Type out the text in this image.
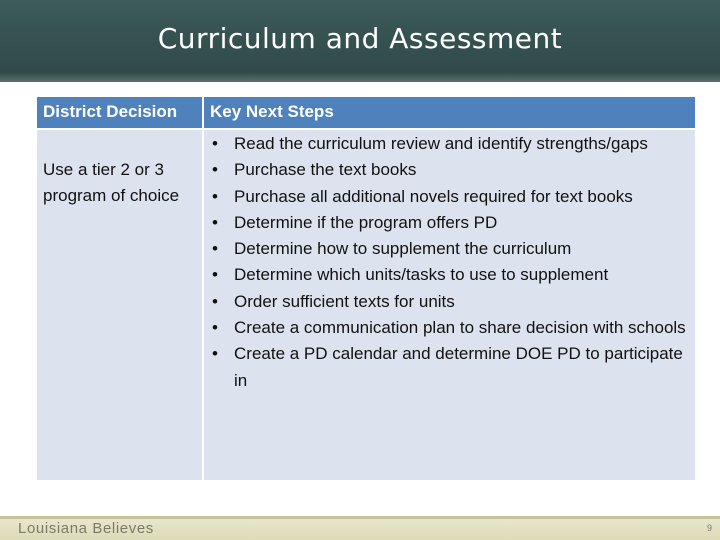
Curriculum and Assessment
District Decision	Key Next Steps
Use a tier 2 or 3 program of choice
• Read the curriculum review and identify strengths/gaps
• Purchase the text books
• Purchase all additional novels required for text books
• Determine if the program offers PD
• Determine how to supplement the curriculum
• Determine which units/tasks to use to supplement
• Order sufficient texts for units
• Create a communication plan to share decision with schools
• Create a PD calendar and determine DOE PD to participate in
Louisiana Believes	9
